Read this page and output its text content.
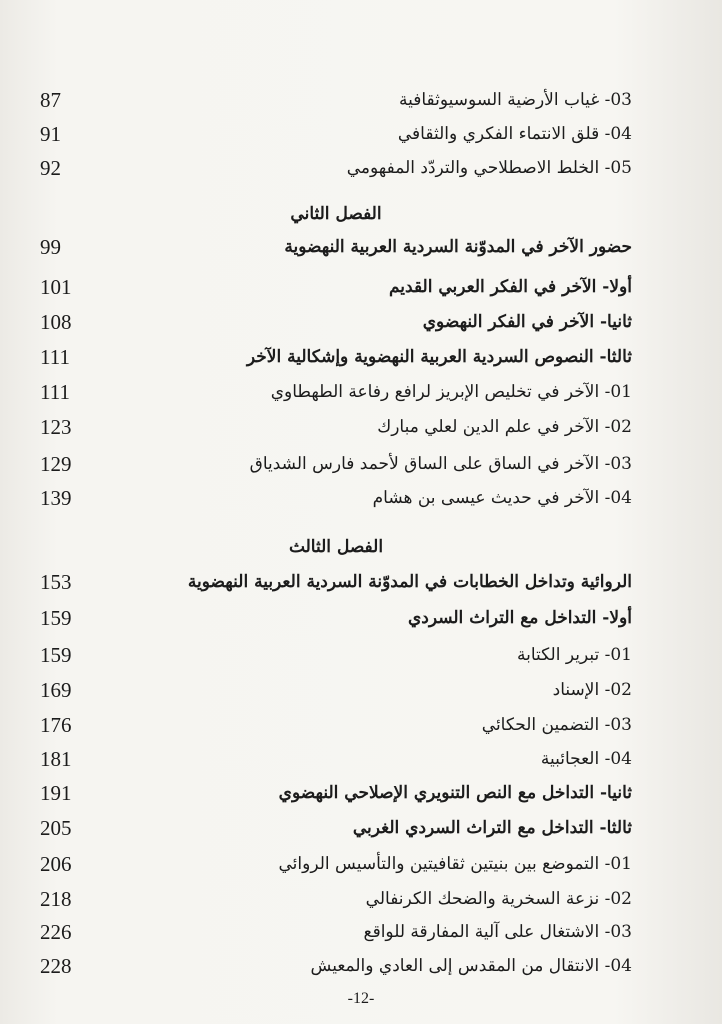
03- غياب الأرضية السوسيوثقافية
87
04- قلق الانتماء الفكري والثقافي
91
05- الخلط الاصطلاحي والتردّد المفهومي
92
الفصل الثاني
حضور الآخر في المدوّنة السردية العربية النهضوية
99
أولا- الآخر في الفكر العربي القديم
101
ثانيا- الآخر في الفكر النهضوي
108
ثالثا- النصوص السردية العربية النهضوية وإشكالية الآخر
111
01- الآخر في تخليص الإبريز لرافع رفاعة الطهطاوي
111
02- الآخر في علم الدين لعلي مبارك
123
03- الآخر في الساق على الساق لأحمد فارس الشدياق
129
04- الآخر في حديث عيسى بن هشام
139
الفصل الثالث
الروائية وتداخل الخطابات في المدوّنة السردية العربية النهضوية
153
أولا- التداخل مع التراث السردي
159
01- تبرير الكتابة
159
02- الإسناد
169
03- التضمين الحكائي
176
04- العجائبية
181
ثانيا- التداخل مع النص التنويري الإصلاحي النهضوي
191
ثالثا- التداخل مع التراث السردي الغربي
205
01- التموضع بين بنيتين ثقافيتين والتأسيس الروائي
206
02- نزعة السخرية والضحك الكرنفالي
218
03- الاشتغال على آلية المفارقة للواقع
226
04- الانتقال من المقدس إلى العادي والمعيش
228
-12-
